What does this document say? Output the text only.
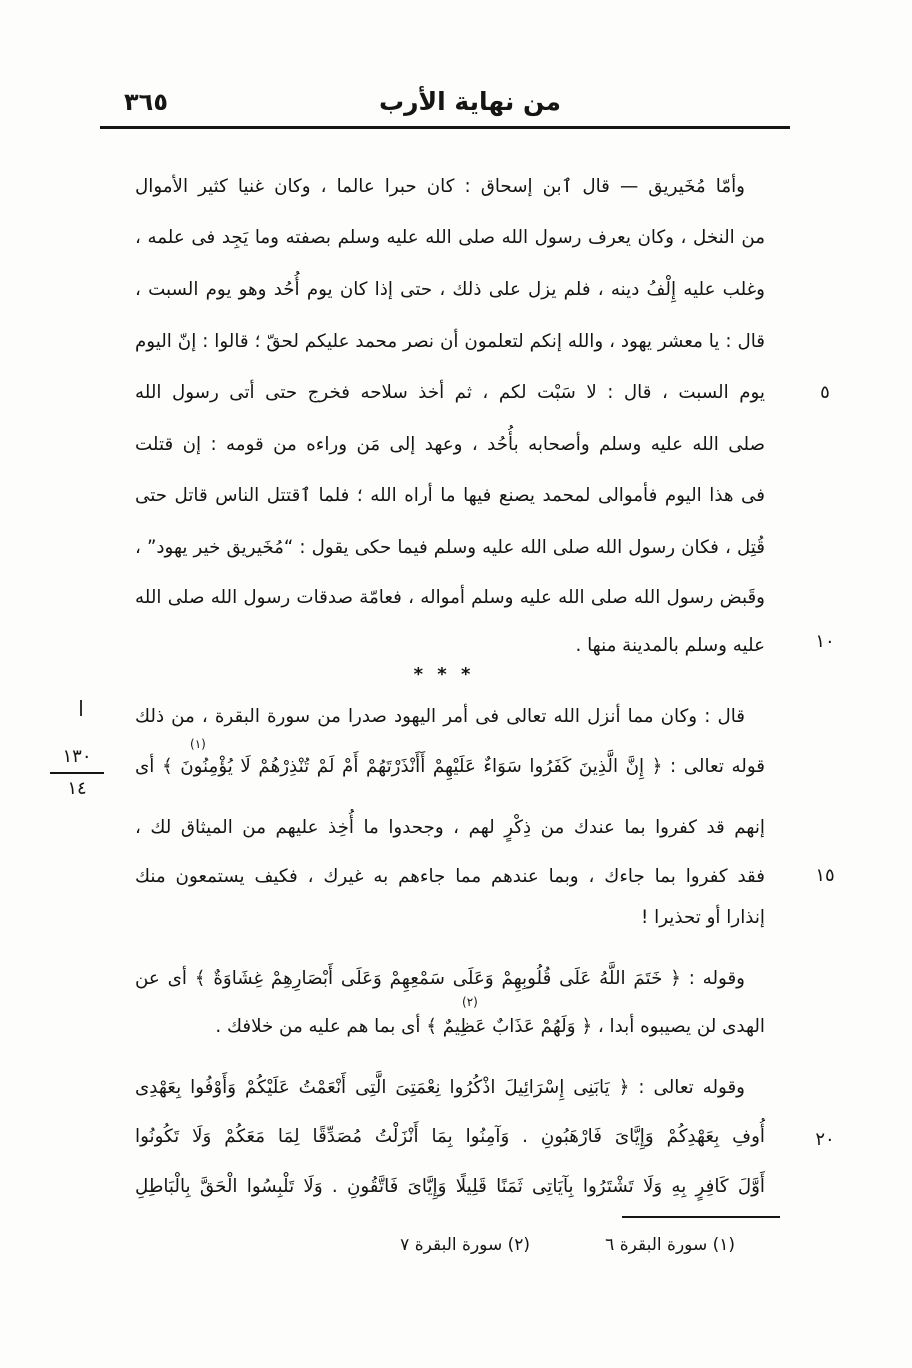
من نهاية الأرب
٣٦٥
وأمّا مُخَيريق — قال ٱبن إسحاق : كان حبرا عالما ، وكان غنيا كثير الأموال
من النخل ، وكان يعرف رسول الله صلى الله عليه وسلم بصفته وما يَجِد فى علمه ،
وغلب عليه إِلْفُ دينه ، فلم يزل على ذلك ، حتى إذا كان يوم أُحُد وهو يوم السبت ،
قال : يا معشر يهود ، والله إنكم لتعلمون أن نصر محمد عليكم لحقّ ؛ قالوا : إنّ اليوم
يوم السبت ، قال : لا سَبْت لكم ، ثم أخذ سلاحه فخرج حتى أتى رسول الله
صلى الله عليه وسلم وأصحابه بأُحُد ، وعهد إلى مَن وراءه من قومه : إن قتلت
فى هذا اليوم فأموالى لمحمد يصنع فيها ما أراه الله ؛ فلما ٱقتتل الناس قاتل حتى
قُتِل ، فكان رسول الله صلى الله عليه وسلم فيما حكى يقول : “مُخَيريق خير يهود” ،
وقَبض رسول الله صلى الله عليه وسلم أمواله ، فعامّة صدقات رسول الله صلى الله
عليه وسلم بالمدينة منها .
* * *
قال : وكان مما أنزل الله تعالى فى أمر اليهود صدرا من سورة البقرة ، من ذلك
قوله تعالى : ﴿ إِنَّ الَّذِينَ كَفَرُوا سَوَاءٌ عَلَيْهِمْ أَأَنْذَرْتَهُمْ أَمْ لَمْ تُنْذِرْهُمْ لَا يُؤْمِنُونَ ﴾ أى
(١)
إنهم قد كفروا بما عندك من ذِكْرٍ لهم ، وجحدوا ما أُخِذ عليهم من الميثاق لك ،
فقد كفروا بما جاءك ، وبما عندهم مما جاءهم به غيرك ، فكيف يستمعون منك
إنذارا أو تحذيرا !
وقوله : ﴿ خَتَمَ اللَّهُ عَلَى قُلُوبِهِمْ وَعَلَى سَمْعِهِمْ وَعَلَى أَبْصَارِهِمْ غِشَاوَةٌ ﴾ أى عن
الهدى لن يصيبوه أبدا ، ﴿ وَلَهُمْ عَذَابٌ عَظِيمٌ ﴾ أى بما هم عليه من خلافك .
(٢)
وقوله تعالى : ﴿ يَابَنِى إِسْرَائِيلَ اذْكُرُوا نِعْمَتِىَ الَّتِى أَنْعَمْتُ عَلَيْكُمْ وَأَوْفُوا بِعَهْدِى
أُوفِ بِعَهْدِكُمْ وَإِيَّاىَ فَارْهَبُونِ . وَآمِنُوا بِمَا أَنْزَلْتُ مُصَدِّقًا لِمَا مَعَكُمْ وَلَا تَكُونُوا
أَوَّلَ كَافِرٍ بِهِ وَلَا تَشْتَرُوا بِآيَاتِى ثَمَنًا قَلِيلًا وَإِيَّاىَ فَاتَّقُونِ . وَلَا تَلْبِسُوا الْحَقَّ بِالْبَاطِلِ
٥
١٠
١٥
٢٠
١٣٠
١٤
(١) سورة البقرة ٦
(٢) سورة البقرة ٧
